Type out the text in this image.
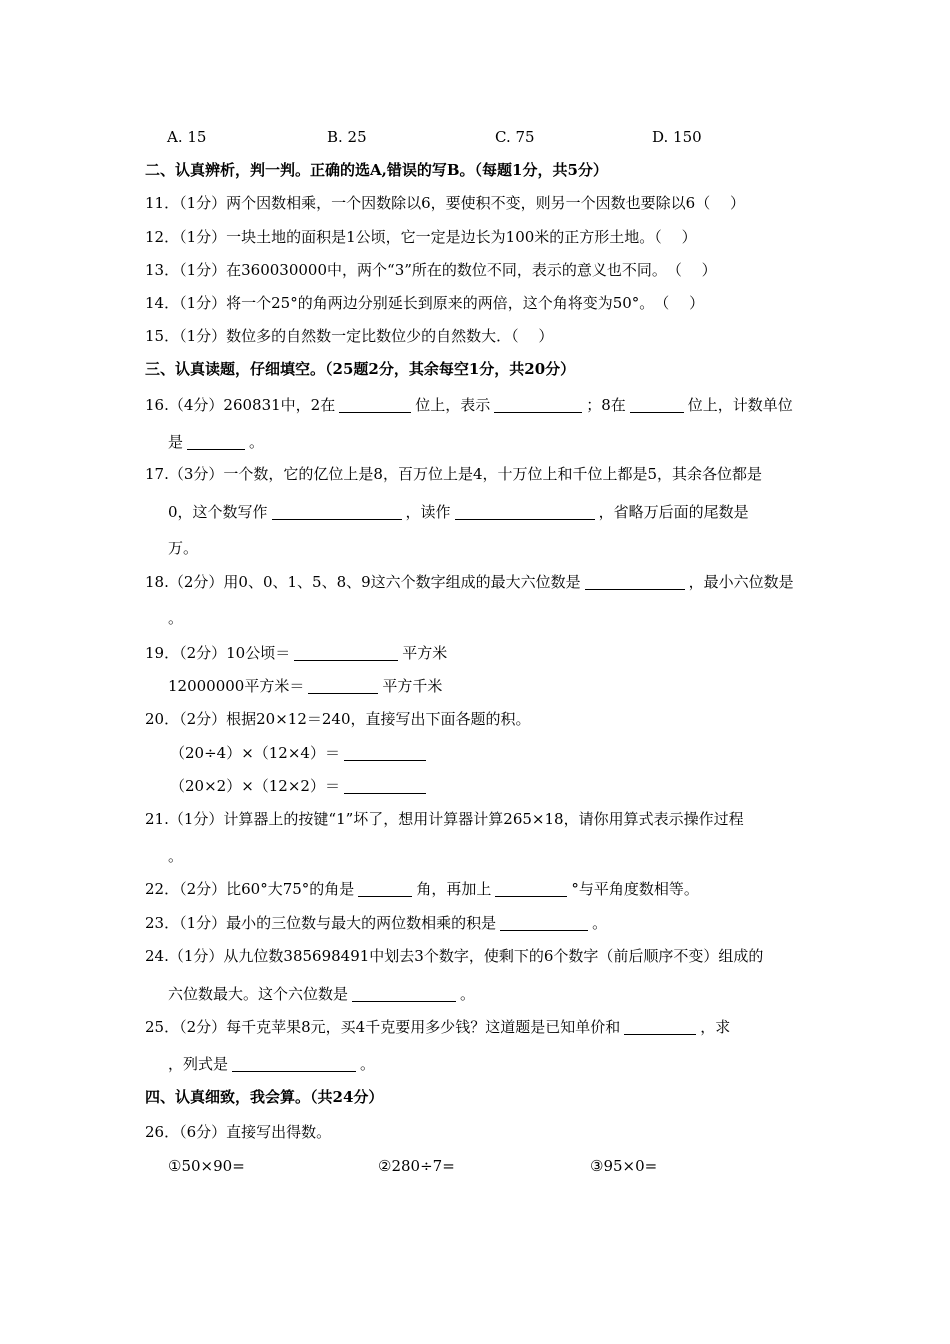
A. 15	B. 25	C. 75	D. 150
二、认真辨析，判一判。正确的选A,错误的写B。（每题1分，共5分）
11．（1分）两个因数相乘，一个因数除以6，要使积不变，则另一个因数也要除以6（　 ）
12．（1分）一块土地的面积是1公顷，它一定是边长为100米的正方形土地。（　 ）
13．（1分）在360030000中，两个“3”所在的数位不同，表示的意义也不同。　（　 ）
14．（1分）将一个25°的角两边分别延长到原来的两倍，这个角将变为50°。　（　 ）
15．（1分）数位多的自然数一定比数位少的自然数大．（　 ）
三、认真读题，仔细填空。（25题2分，其余每空1分，共20分）
16.（4分）260831中，2在	位上，表示	；8在	位上，计数单位
是	。
17.（3分）一个数，它的亿位上是8，百万位上是4，十万位上和千位上都是5，其余各位都是
0，这个数写作	，读作	，省略万后面的尾数是
万。
18.（2分）用0、0、1、5、8、9这六个数字组成的最大六位数是	，最小六位数是
。
19．（2分）10公顷＝	平方米
12000000平方米＝	平方千米
20．（2分）根据20×12＝240，直接写出下面各题的积。
（20÷4）×（12×4）＝
（20×2）×（12×2）＝
21.（1分）计算器上的按键“1”坏了，想用计算器计算265×18，请你用算式表示操作过程
。
22．（2分）比60°大75°的角是	角，再加上	°与平角度数相等。
23．（1分）最小的三位数与最大的两位数相乘的积是	。
24.（1分）从九位数385698491中划去3个数字，使剩下的6个数字（前后顺序不变）组成的
六位数最大。这个六位数是	。
25．（2分）每千克苹果8元，买4千克要用多少钱？这道题是已知单价和	，求
，列式是	。
四、认真细致，我会算。（共24分）
26．（6分）直接写出得数。
①50×90=	②280÷7=	③95×0=
